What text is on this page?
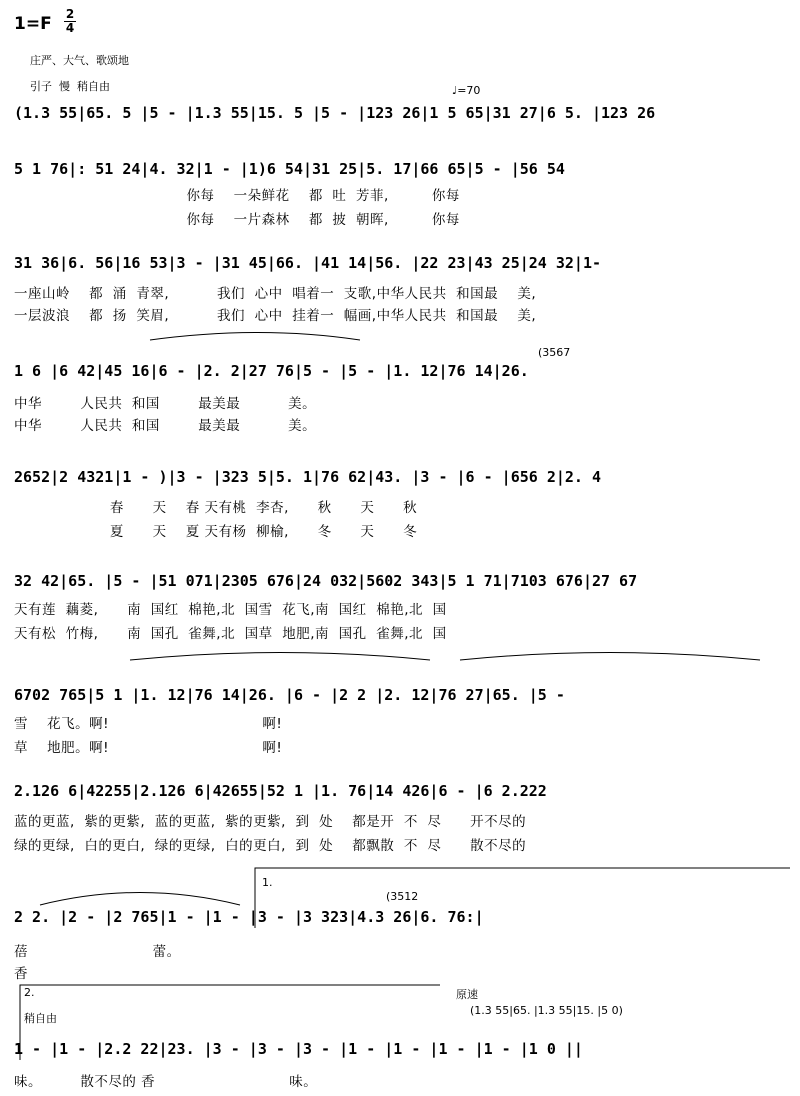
1=F	2
4
庄严、大气、歌颂地
引子  慢  稍自由	♩=70
(1.3 55|65. 5 |5 - |1.3 55|15. 5 |5 - |123 26|1 5 65|31 27|6 5. |123 26
5 1 76|: 51 24|4. 32|1 - |1)6 54|31 25|5. 17|66 65|5 - |56 54
你每    一朵鲜花    都  吐  芳菲,         你每
你每    一片森林    都  披  朝晖,         你每
31 36|6. 56|16 53|3 - |31 45|66. |41 14|56. |22 23|43 25|24 32|1-
一座山岭    都  涌  青翠,          我们  心中  唱着一  支歌,中华人民共  和国最    美,
一层波浪    都  扬  笑眉,          我们  心中  挂着一  幅画,中华人民共  和国最    美,
(3567
1 6 |6 42|45 16|6 - |2. 2|27 76|5 - |5 - |1. 12|76 14|26.
中华        人民共  和国        最美最          美。
中华        人民共  和国        最美最          美。
2652|2 4321|1 - )|3 - |323 5|5. 1|76 62|43. |3 - |6 - |656 2|2. 4
春      天    春 天有桃  李杏,      秋      天      秋
夏      天    夏 天有杨  柳榆,      冬      天      冬
32 42|65. |5 - |51 071|2305 676|24 032|5602 343|5 1 71|7103 676|27 67
天有莲  藕菱,      南  国红  棉艳,北  国雪  花飞,南  国红  棉艳,北  国
天有松  竹梅,      南  国孔  雀舞,北  国草  地肥,南  国孔  雀舞,北  国
6702 765|5 1 |1. 12|76 14|26. |6 - |2 2 |2. 12|76 27|65. |5 -
雪    花飞。啊!                                啊!
草    地肥。啊!                                啊!
2.126 6|42255|2.126 6|42655|52 1 |1. 76|14 426|6 - |6 2.222
蓝的更蓝,  紫的更紫,  蓝的更蓝,  紫的更紫,  到  处    都是开  不  尽      开不尽的
绿的更绿,  白的更白,  绿的更绿,  白的更白,  到  处    都飘散  不  尽      散不尽的
1.
(3512
2 2. |2 - |2 765|1 - |1 - |3 - |3 323|4.3 26|6. 76:|
蓓                          蕾。
香
2.	原速
稍自由
(1.3 55|65. |1.3 55|15. |5 0)
1 - |1 - |2.2 22|23. |3 - |3 - |3 - |1 - |1 - |1 - |1 - |1 0 ||
味。        散不尽的 香                            味。
